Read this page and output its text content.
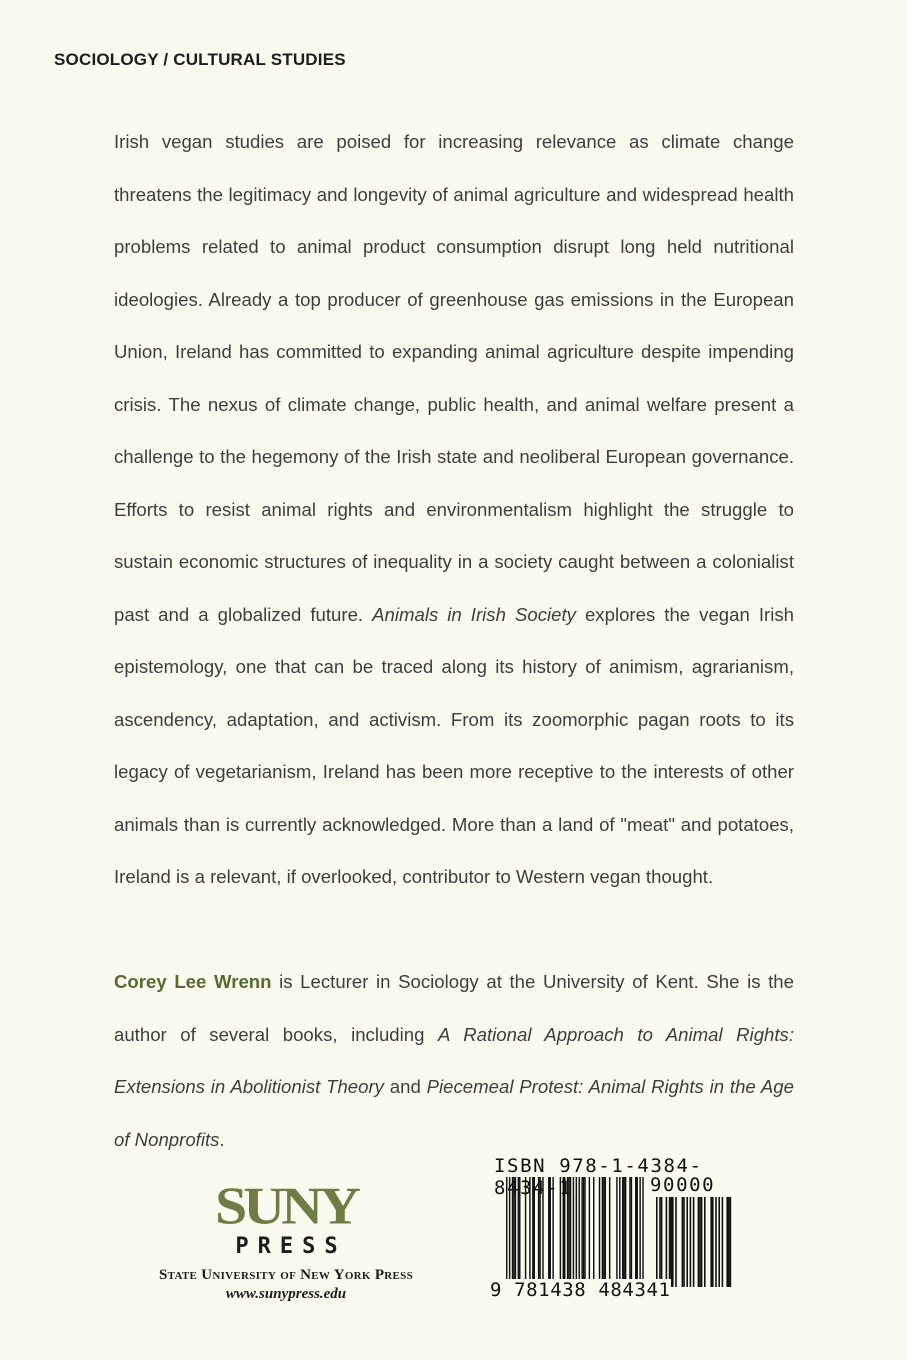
SOCIOLOGY / CULTURAL STUDIES

Irish vegan studies are poised for increasing relevance as climate change threatens the legitimacy and longevity of animal agriculture and widespread health problems related to animal product consumption disrupt long held nutritional ideologies. Already a top producer of greenhouse gas emissions in the European Union, Ireland has committed to expanding animal agriculture despite impending crisis. The nexus of climate change, public health, and animal welfare present a challenge to the hegemony of the Irish state and neoliberal European governance. Efforts to resist animal rights and environmentalism highlight the struggle to sustain economic structures of inequality in a society caught between a colonialist past and a globalized future. Animals in Irish Society explores the vegan Irish epistemology, one that can be traced along its history of animism, agrarianism, ascendency, adaptation, and activism. From its zoomorphic pagan roots to its legacy of vegetarianism, Ireland has been more receptive to the interests of other animals than is currently acknowledged. More than a land of "meat" and potatoes, Ireland is a relevant, if overlooked, contributor to Western vegan thought.

Corey Lee Wrenn is Lecturer in Sociology at the University of Kent. She is the author of several books, including A Rational Approach to Animal Rights: Extensions in Abolitionist Theory and Piecemeal Protest: Animal Rights in the Age of Nonprofits.

SUNY
PRESS
State University of New York Press
www.sunypress.edu
ISBN 978-1-4384-8434-1	90000
9 781438 484341
